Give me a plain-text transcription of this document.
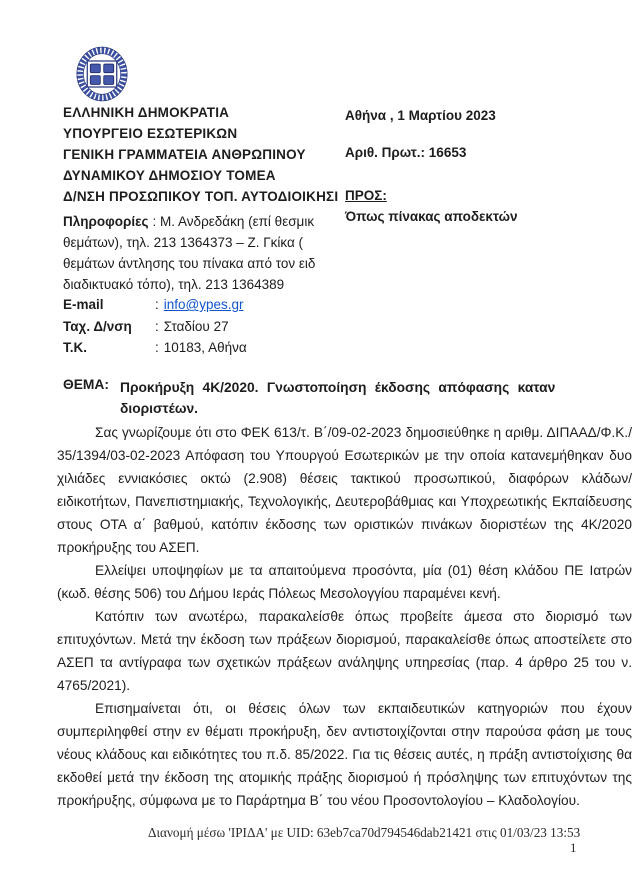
ΕΛΛΗΝΙΚΗ ΔΗΜΟΚΡΑΤΙΑ
ΥΠΟΥΡΓΕΙΟ ΕΣΩΤΕΡΙΚΩΝ
ΓΕΝΙΚΗ ΓΡΑΜΜΑΤΕΙΑ ΑΝΘΡΩΠΙΝΟΥ
ΔΥΝΑΜΙΚΟΥ ΔΗΜΟΣΙΟΥ ΤΟΜΕΑ
Δ/ΝΣΗ ΠΡΟΣΩΠΙΚΟΥ ΤΟΠ. ΑΥΤΟΔΙΟΙΚΗΣΙ
Αθήνα , 1 Μαρτίου 2023
Αριθ. Πρωτ.: 16653
ΠΡΟΣ:
Όπως πίνακας αποδεκτών
Πληροφορίες : Μ. Ανδρεδάκη (επί θεσμικ
θεμάτων), τηλ. 213 1364373 – Ζ. Γκίκα (
θεμάτων άντλησης του πίνακα από τον ειδ
διαδικτυακό τόπο), τηλ. 213 1364389
E-mail	: info@ypes.gr
Ταχ. Δ/νση : Σταδίου 27
Τ.Κ.	: 10183, Αθήνα
ΘΕΜΑ: Προκήρυξη 4Κ/2020. Γνωστοποίηση έκδοσης απόφασης καταν
διοριστέων.

Σας γνωρίζουμε ότι στο ΦΕΚ 613/τ. Β΄/09-02-2023 δημοσιεύθηκε η αριθμ. ΔΙΠΑΑΔ/Φ.Κ./ 35/1394/03-02-2023 Απόφαση του Υπουργού Εσωτερικών με την οποία κατανεμήθηκαν δυο χιλιάδες εννιακόσιες οκτώ (2.908) θέσεις τακτικού προσωπικού, διαφόρων κλάδων/ ειδικοτήτων, Πανεπιστημιακής, Τεχνολογικής, Δευτεροβάθμιας και Υποχρεωτικής Εκπαίδευσης στους ΟΤΑ α΄ βαθμού, κατόπιν έκδοσης των οριστικών πινάκων διοριστέων της 4Κ/2020 προκήρυξης του ΑΣΕΠ.

Ελλείψει υποψηφίων με τα απαιτούμενα προσόντα, μία (01) θέση κλάδου ΠΕ Ιατρών (κωδ. θέσης 506) του Δήμου Ιεράς Πόλεως Μεσολογγίου παραμένει κενή.

Κατόπιν των ανωτέρω, παρακαλείσθε όπως προβείτε άμεσα στο διορισμό των επιτυχόντων. Μετά την έκδοση των πράξεων διορισμού, παρακαλείσθε όπως αποστείλετε στο ΑΣΕΠ τα αντίγραφα των σχετικών πράξεων ανάληψης υπηρεσίας (παρ. 4 άρθρο 25 του ν. 4765/2021).

Επισημαίνεται ότι, οι θέσεις όλων των εκπαιδευτικών κατηγοριών που έχουν συμπεριληφθεί στην εν θέματι προκήρυξη, δεν αντιστοιχίζονται στην παρούσα φάση με τους νέους κλάδους και ειδικότητες του π.δ. 85/2022. Για τις θέσεις αυτές, η πράξη αντιστοίχισης θα εκδοθεί μετά την έκδοση της ατομικής πράξης διορισμού ή πρόσληψης των επιτυχόντων της προκήρυξης, σύμφωνα με το Παράρτημα Β΄ του νέου Προσοντολογίου – Κλαδολογίου.

Διανομή μέσω 'ΙΡΙΔΑ' με UID: 63eb7ca70d794546dab21421 στις 01/03/23 13:53
1
